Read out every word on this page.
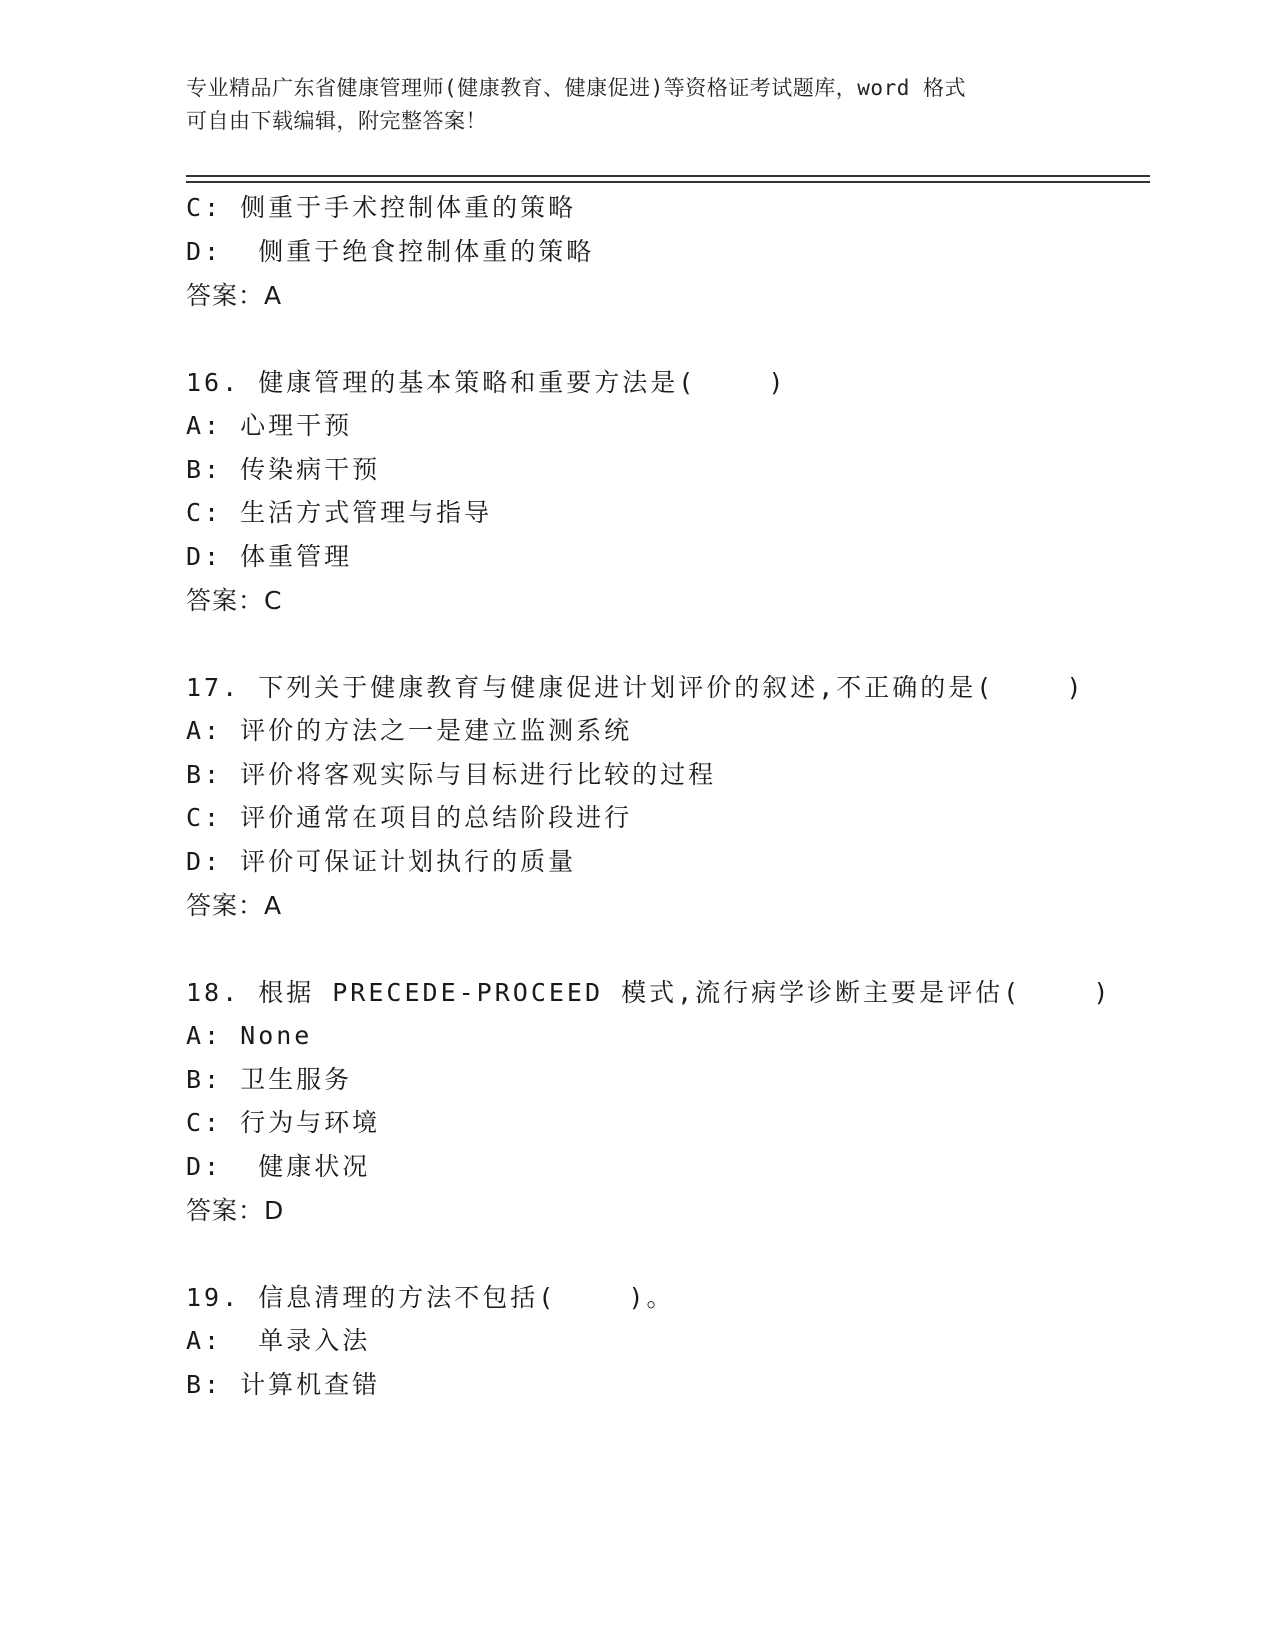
专业精品广东省健康管理师(健康教育、健康促进)等资格证考试题库，word 格式
可自由下载编辑，附完整答案！
C: 侧重于手术控制体重的策略
D:  侧重于绝食控制体重的策略
答案：A
16. 健康管理的基本策略和重要方法是(    )
A: 心理干预
B: 传染病干预
C: 生活方式管理与指导
D: 体重管理
答案：C
17. 下列关于健康教育与健康促进计划评价的叙述,不正确的是(    )
A: 评价的方法之一是建立监测系统
B: 评价将客观实际与目标进行比较的过程
C: 评价通常在项目的总结阶段进行
D: 评价可保证计划执行的质量
答案：A
18. 根据 PRECEDE-PROCEED 模式,流行病学诊断主要是评估(    )
A: None
B: 卫生服务
C: 行为与环境
D:  健康状况
答案：D
19. 信息清理的方法不包括(    )。
A:  单录入法
B: 计算机查错
